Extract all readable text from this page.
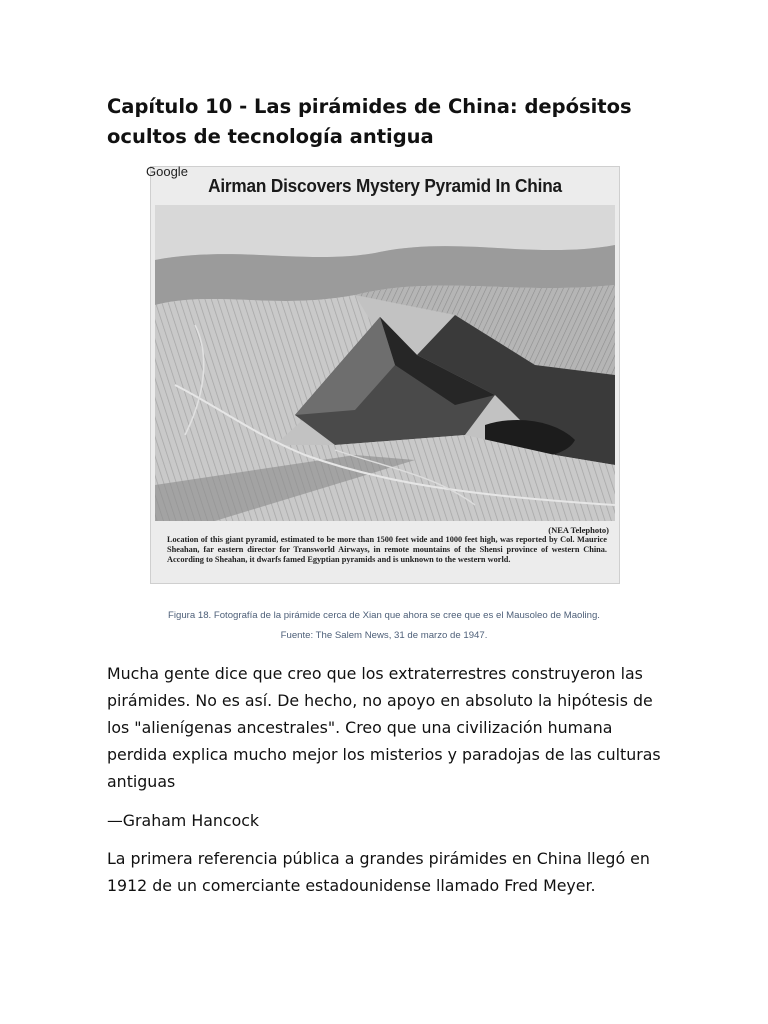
Capítulo 10 - Las pirámides de China: depósitos ocultos de tecnología antigua
Google
Airman Discovers Mystery Pyramid In China
(NEA Telephoto)
Location of this giant pyramid, estimated to be more than 1500 feet wide and 1000 feet high, was reported by Col. Maurice Sheahan, far eastern director for Transworld Airways, in remote mountains of the Shensi province of western China. According to Sheahan, it dwarfs famed Egyptian pyramids and is unknown to the western world.
Figura 18. Fotografía de la pirámide cerca de Xian que ahora se cree que es el Mausoleo de Maoling.
Fuente: The Salem News, 31 de marzo de 1947.

Mucha gente dice que creo que los extraterrestres construyeron las pirámides. No es así. De hecho, no apoyo en absoluto la hipótesis de los "alienígenas ancestrales". Creo que una civilización humana perdida explica mucho mejor los misterios y paradojas de las culturas antiguas

—Graham Hancock

La primera referencia pública a grandes pirámides en China llegó en 1912 de un comerciante estadounidense llamado Fred Meyer.
